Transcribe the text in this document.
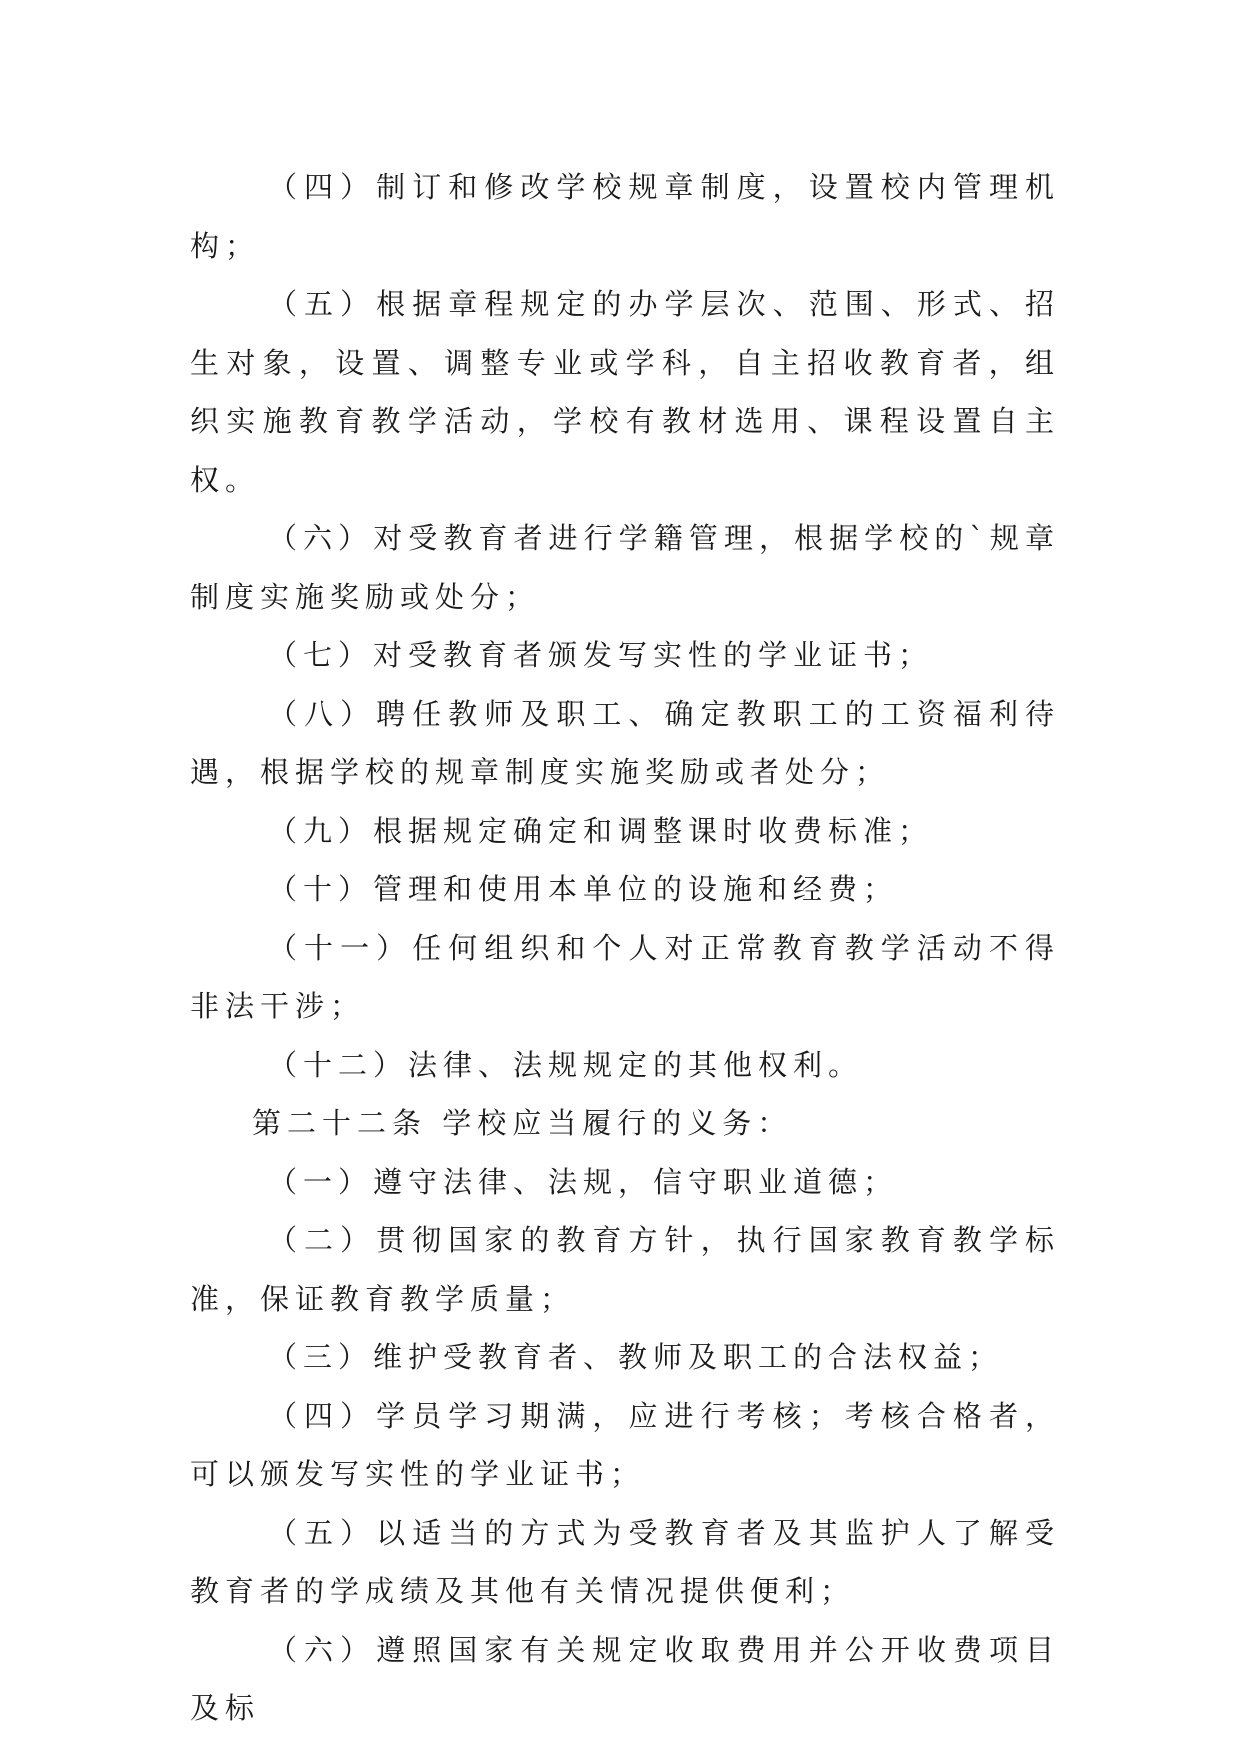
（四）制订和修改学校规章制度，设置校内管理机构；

（五）根据章程规定的办学层次、范围、形式、招生对象，设置、调整专业或学科，自主招收教育者，组织实施教育教学活动，学校有教材选用、课程设置自主权。

（六）对受教育者进行学籍管理，根据学校的`规章制度实施奖励或处分；

（七）对受教育者颁发写实性的学业证书；

（八）聘任教师及职工、确定教职工的工资福利待遇，根据学校的规章制度实施奖励或者处分；

（九）根据规定确定和调整课时收费标准；

（十）管理和使用本单位的设施和经费；

（十一）任何组织和个人对正常教育教学活动不得非法干涉；

（十二）法律、法规规定的其他权利。

第二十二条 学校应当履行的义务：

（一）遵守法律、法规，信守职业道德；

（二）贯彻国家的教育方针，执行国家教育教学标准，保证教育教学质量；

（三）维护受教育者、教师及职工的合法权益；

（四）学员学习期满，应进行考核；考核合格者，可以颁发写实性的学业证书；

（五）以适当的方式为受教育者及其监护人了解受教育者的学成绩及其他有关情况提供便利；

（六）遵照国家有关规定收取费用并公开收费项目及标
